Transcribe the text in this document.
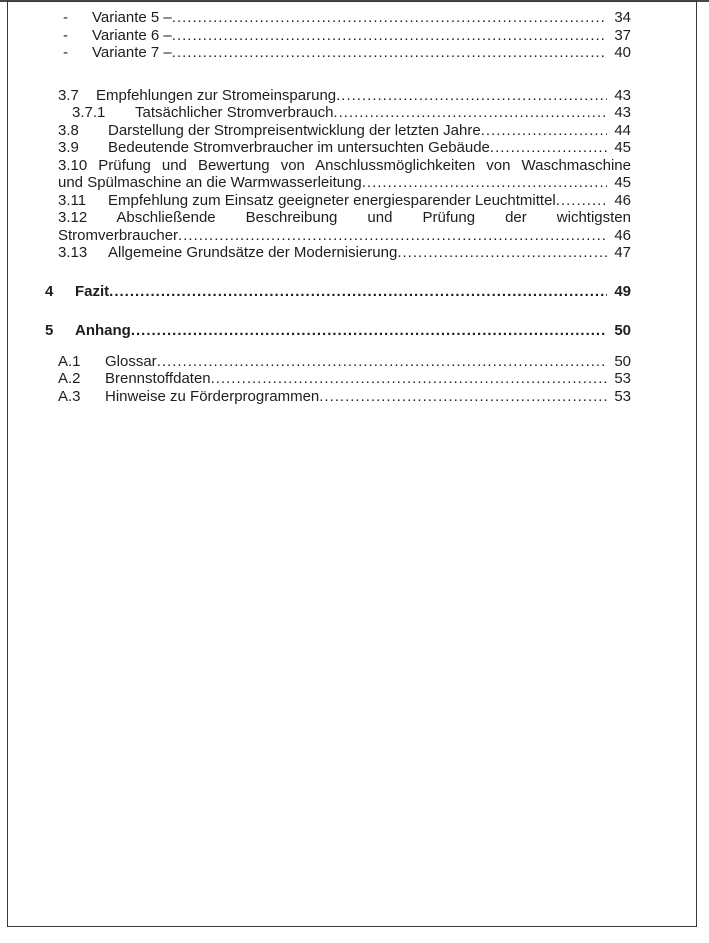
-	Variante 5 – .....	34
-	Variante 6 – .....	37
-	Variante 7 – .....	40
3.7	Empfehlungen zur Stromeinsparung .....	43
3.7.1	Tatsächlicher Stromverbrauch .....	43
3.8	Darstellung der Strompreisentwicklung der letzten Jahre .....	44
3.9	Bedeutende Stromverbraucher im untersuchten Gebäude .....	45
3.10 Prüfung und Bewertung von Anschlussmöglichkeiten von Waschmaschine
und Spülmaschine an die Warmwasserleitung .....	45
3.11	Empfehlung zum Einsatz geeigneter energiesparender Leuchtmittel .....	46
3.12 Abschließende Beschreibung und Prüfung der wichtigsten
Stromverbraucher .....	46
3.13	Allgemeine Grundsätze der Modernisierung .....	47
4	Fazit .....	49
5	Anhang .....	50
A.1	Glossar .....	50
A.2	Brennstoffdaten .....	53
A.3	Hinweise zu Förderprogrammen .....	53
